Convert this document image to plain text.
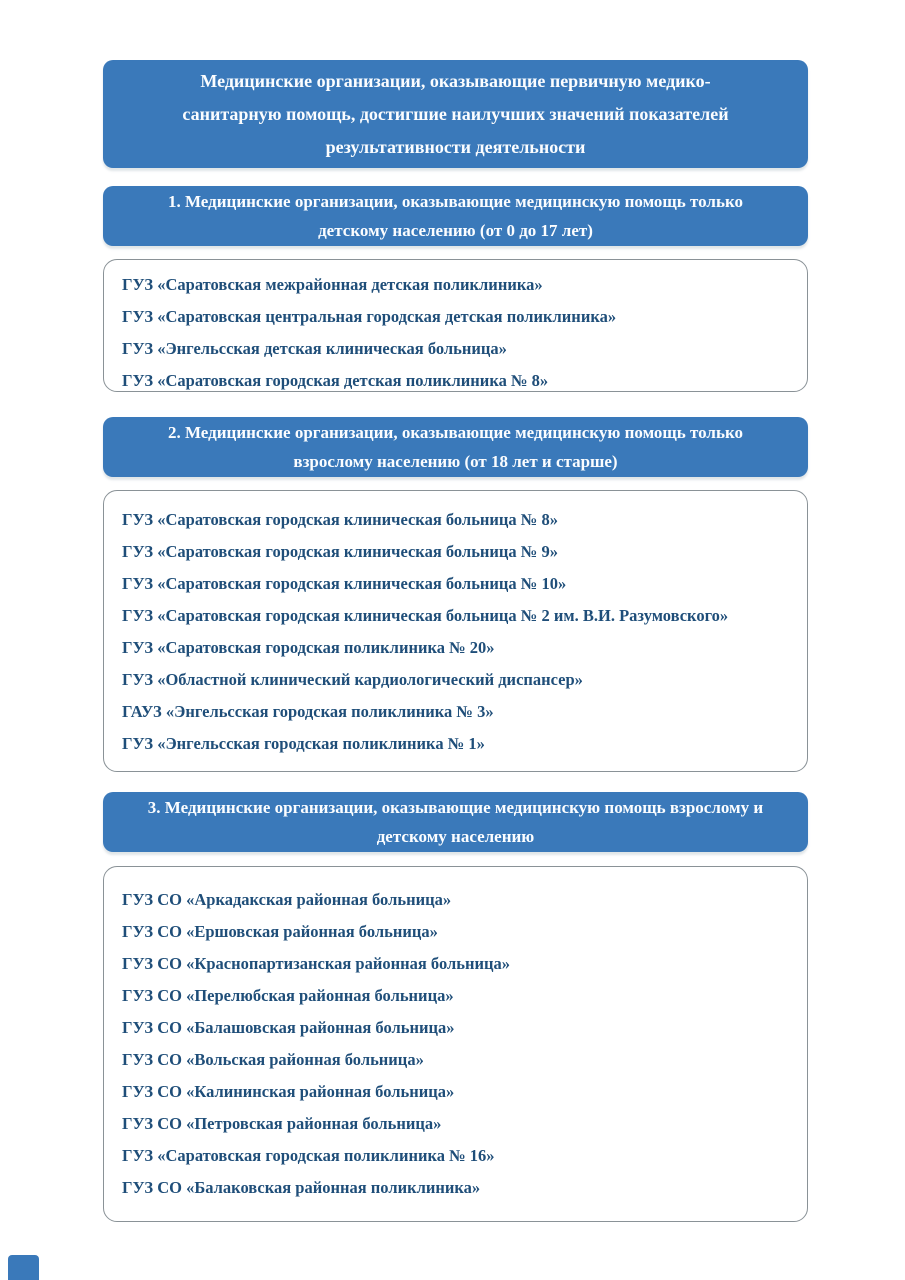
Медицинские организации, оказывающие первичную медико-санитарную помощь, достигшие наилучших значений показателей результативности деятельности
1. Медицинские организации, оказывающие медицинскую помощь только детскому населению (от 0 до 17 лет)
ГУЗ «Саратовская межрайонная детская поликлиника»
ГУЗ «Саратовская центральная городская детская поликлиника»
ГУЗ «Энгельсская детская клиническая больница»
ГУЗ «Саратовская городская детская поликлиника № 8»
2. Медицинские организации, оказывающие медицинскую помощь только взрослому населению (от 18 лет и старше)
ГУЗ «Саратовская городская клиническая больница № 8»
ГУЗ «Саратовская городская клиническая больница № 9»
ГУЗ «Саратовская городская клиническая больница № 10»
ГУЗ «Саратовская городская клиническая больница № 2 им. В.И. Разумовского»
ГУЗ «Саратовская городская поликлиника № 20»
ГУЗ «Областной клинический кардиологический диспансер»
ГАУЗ «Энгельсская городская поликлиника № 3»
ГУЗ «Энгельсская городская поликлиника № 1»
3. Медицинские организации, оказывающие медицинскую помощь взрослому и детскому населению
ГУЗ СО «Аркадакская районная больница»
ГУЗ СО «Ершовская районная больница»
ГУЗ СО «Краснопартизанская районная больница»
ГУЗ СО «Перелюбская районная больница»
ГУЗ СО «Балашовская районная больница»
ГУЗ СО «Вольская районная больница»
ГУЗ СО «Калининская районная больница»
ГУЗ СО «Петровская районная больница»
ГУЗ «Саратовская городская поликлиника № 16»
ГУЗ СО «Балаковская районная поликлиника»
